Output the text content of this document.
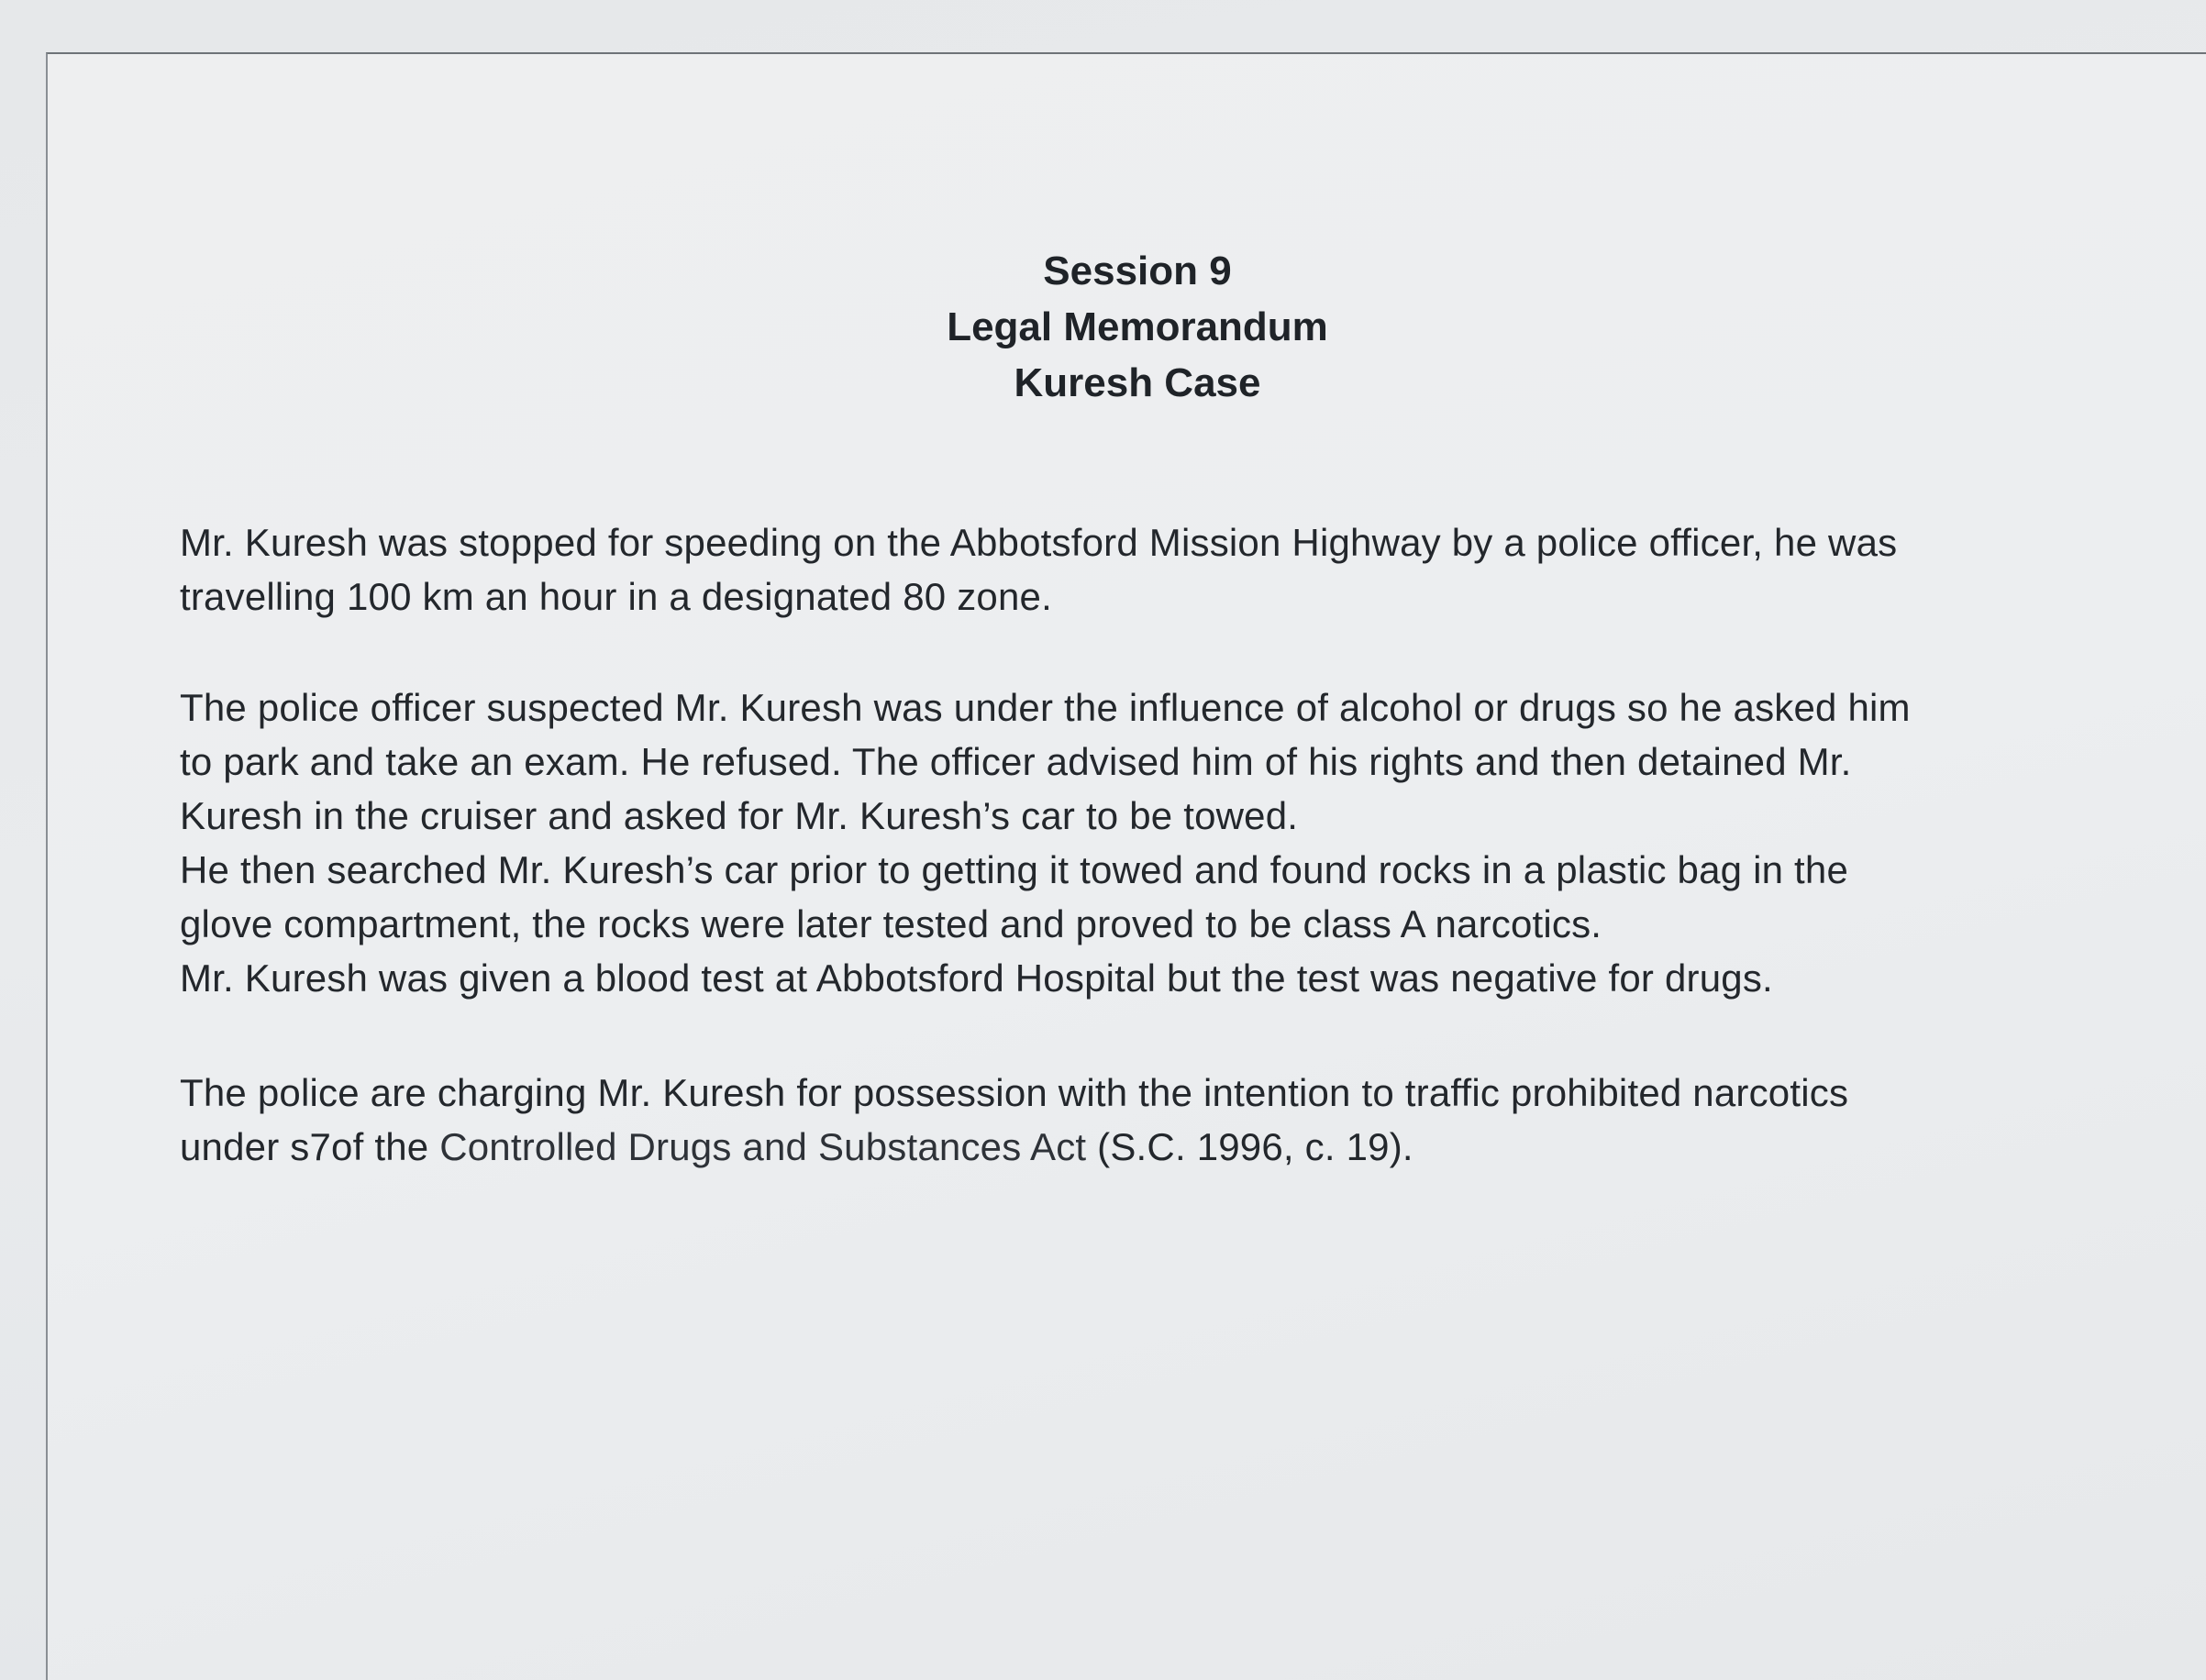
Session 9
Legal Memorandum
Kuresh Case

Mr. Kuresh was stopped for speeding on the Abbotsford Mission Highway by a police officer, he was

travelling 100 km an hour in a designated 80 zone.

The police officer suspected Mr. Kuresh was under the influence of alcohol or drugs so he asked him

to park and take an exam. He refused. The officer advised him of his rights and then detained Mr.

Kuresh in the cruiser and asked for Mr. Kuresh’s car to be towed.

He then searched Mr. Kuresh’s car prior to getting it towed and found rocks in a plastic bag in the

glove compartment, the rocks were later tested and proved to be class A narcotics.

Mr. Kuresh was given a blood test at Abbotsford Hospital but the test was negative for drugs.

The police are charging Mr. Kuresh for possession with the intention to traffic prohibited narcotics

under s7of the Controlled Drugs and Substances Act (S.C. 1996, c. 19).
